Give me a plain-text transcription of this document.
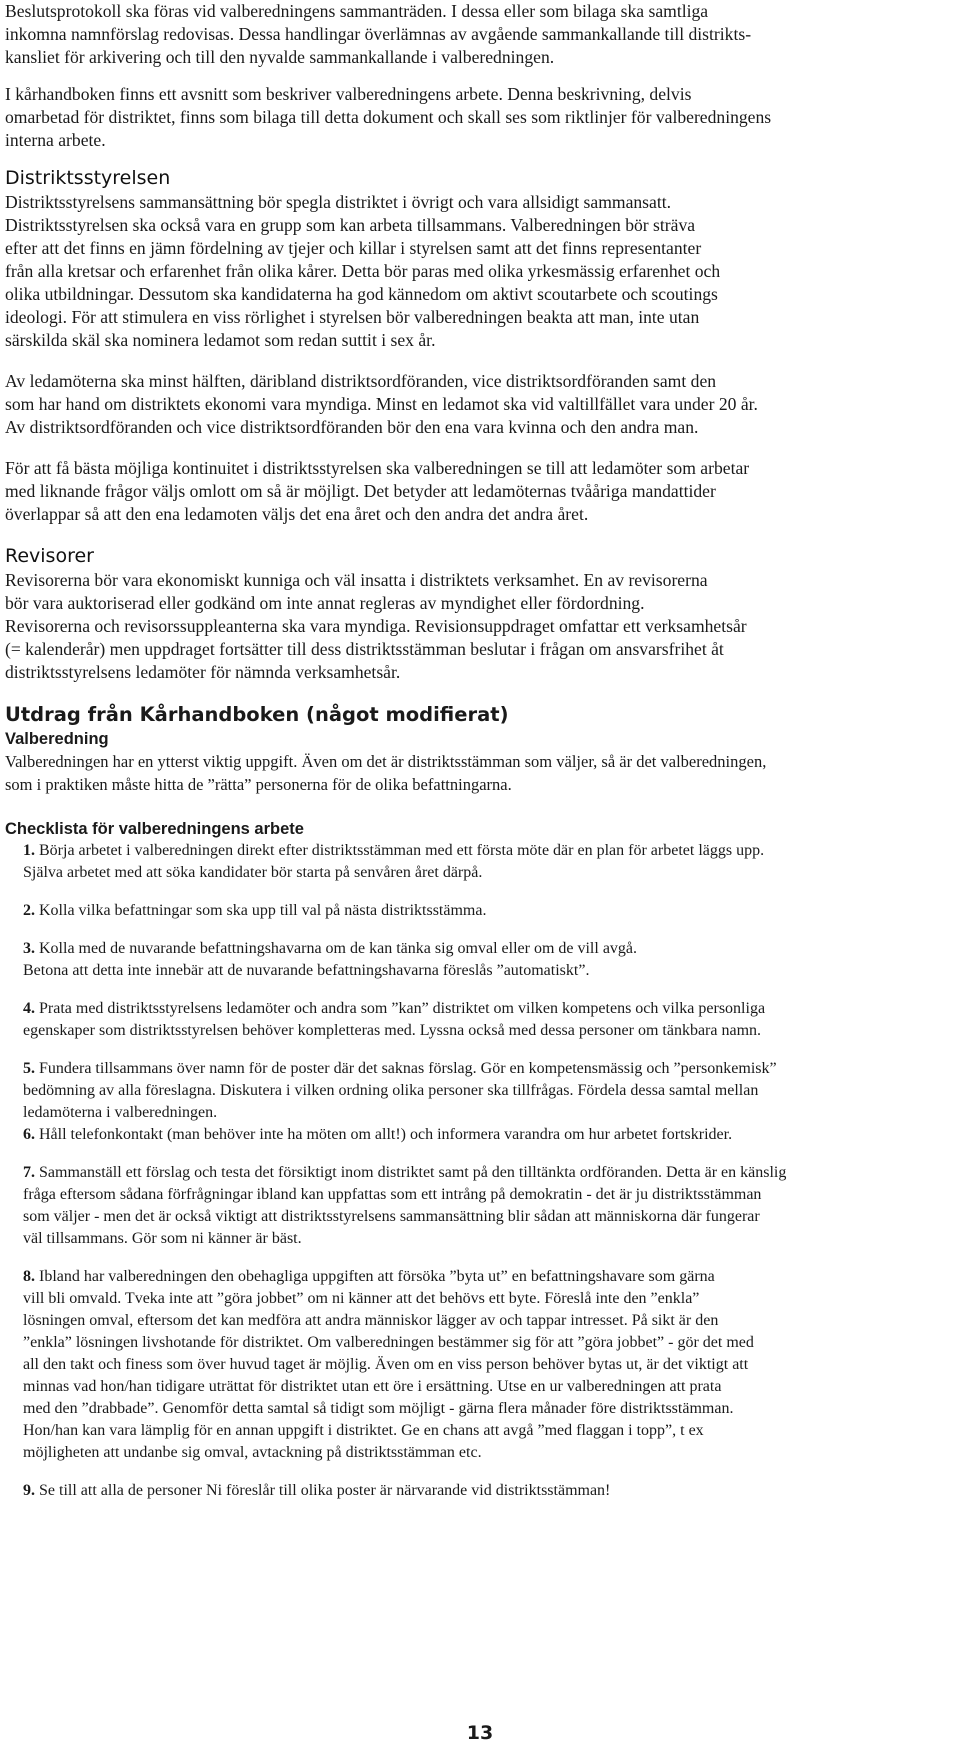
Beslutsprotokoll ska föras vid valberedningens sammanträden. I dessa eller som bilaga ska samtliga

inkomna namnförslag redovisas. Dessa handlingar överlämnas av avgående sammankallande till distrikts-

kansliet för arkivering och till den nyvalde sammankallande i valberedningen.

I kårhandboken finns ett avsnitt som beskriver valberedningens arbete. Denna beskrivning, delvis

omarbetad för distriktet, finns som bilaga till detta dokument och skall ses som riktlinjer för valberedningens

interna arbete.

Distriktsstyrelsen

Distriktsstyrelsens sammansättning bör spegla distriktet i övrigt och vara allsidigt sammansatt.

Distriktsstyrelsen ska också vara en grupp som kan arbeta tillsammans. Valberedningen bör sträva

efter att det finns en jämn fördelning av tjejer och killar i styrelsen samt att det finns representanter

från alla kretsar och erfarenhet från olika kårer. Detta bör paras med olika yrkesmässig erfarenhet och

olika utbildningar. Dessutom ska kandidaterna ha god kännedom om aktivt scoutarbete och scoutings

ideologi. För att stimulera en viss rörlighet i styrelsen bör valberedningen beakta att man, inte utan

särskilda skäl ska nominera ledamot som redan suttit i sex år.

Av ledamöterna ska minst hälften, däribland distriktsordföranden, vice distriktsordföranden samt den

som har hand om distriktets ekonomi vara myndiga. Minst en ledamot ska vid valtillfället vara under 20 år.

Av distriktsordföranden och vice distriktsordföranden bör den ena vara kvinna och den andra man.

För att få bästa möjliga kontinuitet i distriktsstyrelsen ska valberedningen se till att ledamöter som arbetar

med liknande frågor väljs omlott om så är möjligt. Det betyder att ledamöternas tvååriga mandattider

överlappar så att den ena ledamoten väljs det ena året och den andra det andra året.

Revisorer

Revisorerna bör vara ekonomiskt kunniga och väl insatta i distriktets verksamhet. En av revisorerna

bör vara auktoriserad eller godkänd om inte annat regleras av myndighet eller fördordning.

Revisorerna och revisorssuppleanterna ska vara myndiga. Revisionsuppdraget omfattar ett verksamhetsår

(= kalenderår) men uppdraget fortsätter till dess distriktsstämman beslutar i frågan om ansvarsfrihet åt

distriktsstyrelsens ledamöter för nämnda verksamhetsår.

Utdrag från Kårhandboken (något modifierat)
Valberedning

Valberedningen har en ytterst viktig uppgift. Även om det är distriktsstämman som väljer, så är det valberedningen,

som i praktiken måste hitta de ”rätta” personerna för de olika befattningarna.

Checklista för valberedningens arbete

1. Börja arbetet i valberedningen direkt efter distriktsstämman med ett första möte där en plan för arbetet läggs upp.

Själva arbetet med att söka kandidater bör starta på senvåren året därpå.

2. Kolla vilka befattningar som ska upp till val på nästa distriktsstämma.

3. Kolla med de nuvarande befattningshavarna om de kan tänka sig omval eller om de vill avgå.

Betona att detta inte innebär att de nuvarande befattningshavarna föreslås ”automatiskt”.

4. Prata med distriktsstyrelsens ledamöter och andra som ”kan” distriktet om vilken kompetens och vilka personliga

egenskaper som distriktsstyrelsen behöver kompletteras med. Lyssna också med dessa personer om tänkbara namn.

5. Fundera tillsammans över namn för de poster där det saknas förslag. Gör en kompetensmässig och ”personkemisk”

bedömning av alla föreslagna. Diskutera i vilken ordning olika personer ska tillfrågas. Fördela dessa samtal mellan

ledamöterna i valberedningen.

6. Håll telefonkontakt (man behöver inte ha möten om allt!) och informera varandra om hur arbetet fortskrider.

7. Sammanställ ett förslag och testa det försiktigt inom distriktet samt på den tilltänkta ordföranden. Detta är en känslig

fråga eftersom sådana förfrågningar ibland kan uppfattas som ett intrång på demokratin - det är ju distriktsstämman

som väljer - men det är också viktigt att distriktsstyrelsens sammansättning blir sådan att människorna där fungerar

väl tillsammans. Gör som ni känner är bäst.

8. Ibland har valberedningen den obehagliga uppgiften att försöka ”byta ut” en befattningshavare som gärna

vill bli omvald. Tveka inte att ”göra jobbet” om ni känner att det behövs ett byte. Föreslå inte den ”enkla”

lösningen omval, eftersom det kan medföra att andra människor lägger av och tappar intresset. På sikt är den

”enkla” lösningen livshotande för distriktet. Om valberedningen bestämmer sig för att ”göra jobbet” - gör det med

all den takt och finess som över huvud taget är möjlig. Även om en viss person behöver bytas ut, är det viktigt att

minnas vad hon/han tidigare uträttat för distriktet utan ett öre i ersättning. Utse en ur valberedningen att prata

med den ”drabbade”. Genomför detta samtal så tidigt som möjligt - gärna flera månader före distriktsstämman.

Hon/han kan vara lämplig för en annan uppgift i distriktet. Ge en chans att avgå ”med flaggan i topp”, t ex

möjligheten att undanbe sig omval, avtackning på distriktsstämman etc.

9. Se till att alla de personer Ni föreslår till olika poster är närvarande vid distriktsstämman!

13
